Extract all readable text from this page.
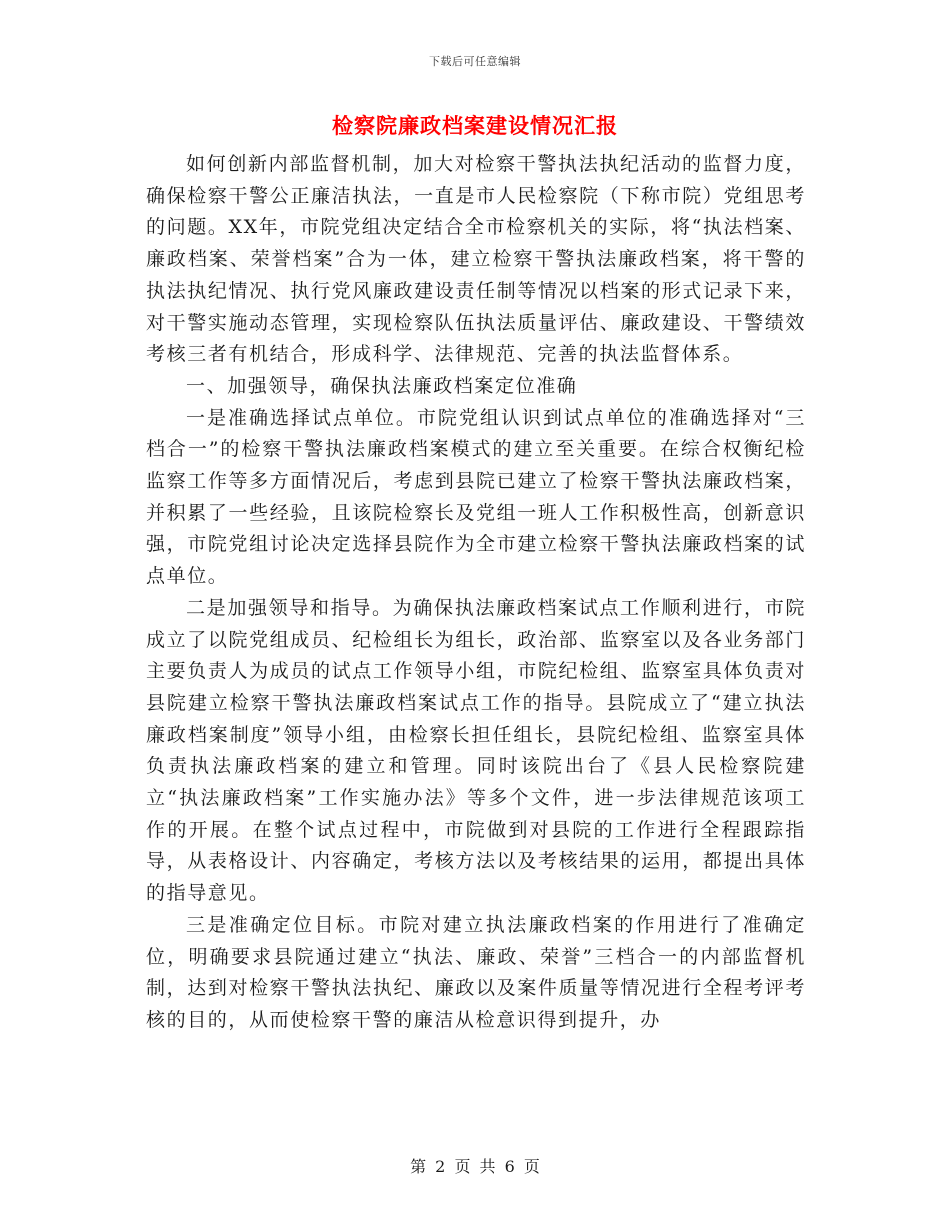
下载后可任意编辑
检察院廉政档案建设情况汇报

如何创新内部监督机制，加大对检察干警执法执纪活动的监督力度，确保检察干警公正廉洁执法，一直是市人民检察院（下称市院）党组思考的问题。XX年，市院党组决定结合全市检察机关的实际，将“执法档案、廉政档案、荣誉档案”合为一体，建立检察干警执法廉政档案，将干警的执法执纪情况、执行党风廉政建设责任制等情况以档案的形式记录下来，对干警实施动态管理，实现检察队伍执法质量评估、廉政建设、干警绩效考核三者有机结合，形成科学、法律规范、完善的执法监督体系。

一、加强领导，确保执法廉政档案定位准确

一是准确选择试点单位。市院党组认识到试点单位的准确选择对“三档合一”的检察干警执法廉政档案模式的建立至关重要。在综合权衡纪检监察工作等多方面情况后，考虑到县院已建立了检察干警执法廉政档案，并积累了一些经验，且该院检察长及党组一班人工作积极性高，创新意识强，市院党组讨论决定选择县院作为全市建立检察干警执法廉政档案的试点单位。

二是加强领导和指导。为确保执法廉政档案试点工作顺利进行，市院成立了以院党组成员、纪检组长为组长，政治部、监察室以及各业务部门主要负责人为成员的试点工作领导小组，市院纪检组、监察室具体负责对县院建立检察干警执法廉政档案试点工作的指导。县院成立了“建立执法廉政档案制度”领导小组，由检察长担任组长，县院纪检组、监察室具体负责执法廉政档案的建立和管理。同时该院出台了《县人民检察院建立“执法廉政档案”工作实施办法》等多个文件，进一步法律规范该项工作的开展。在整个试点过程中，市院做到对县院的工作进行全程跟踪指导，从表格设计、内容确定，考核方法以及考核结果的运用，都提出具体的指导意见。

三是准确定位目标。市院对建立执法廉政档案的作用进行了准确定位，明确要求县院通过建立“执法、廉政、荣誉”三档合一的内部监督机制，达到对检察干警执法执纪、廉政以及案件质量等情况进行全程考评考核的目的，从而使检察干警的廉洁从检意识得到提升，办

第 2 页 共 6 页
